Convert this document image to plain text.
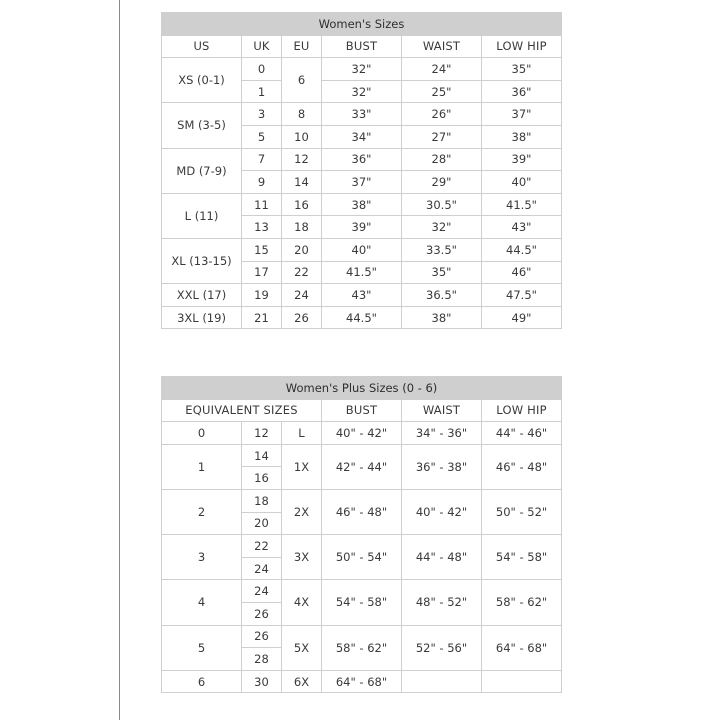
Women's Sizes					
US	UK	EU	BUST	WAIST	LOW HIP
XS (0-1)	0	6	32"	24"	35"
	1		32"	25"	36"
SM (3-5)	3	8	33"	26"	37"
	5	10	34"	27"	38"
MD (7-9)	7	12	36"	28"	39"
	9	14	37"	29"	40"
L (11)	11	16	38"	30.5"	41.5"
	13	18	39"	32"	43"
XL (13-15)	15	20	40"	33.5"	44.5"
	17	22	41.5"	35"	46"
XXL (17)	19	24	43"	36.5"	47.5"
3XL (19)	21	26	44.5"	38"	49"
Women's Plus Sizes (0 - 6)					
EQUIVALENT SIZES			BUST	WAIST	LOW HIP
0	12	L	40" - 42"	34" - 36"	44" - 46"
1	14	1X	42" - 44"	36" - 38"	46" - 48"
	16				
2	18	2X	46" - 48"	40" - 42"	50" - 52"
	20				
3	22	3X	50" - 54"	44" - 48"	54" - 58"
	24				
4	24	4X	54" - 58"	48" - 52"	58" - 62"
	26				
5	26	5X	58" - 62"	52" - 56"	64" - 68"
	28				
6	30	6X	64" - 68"		
